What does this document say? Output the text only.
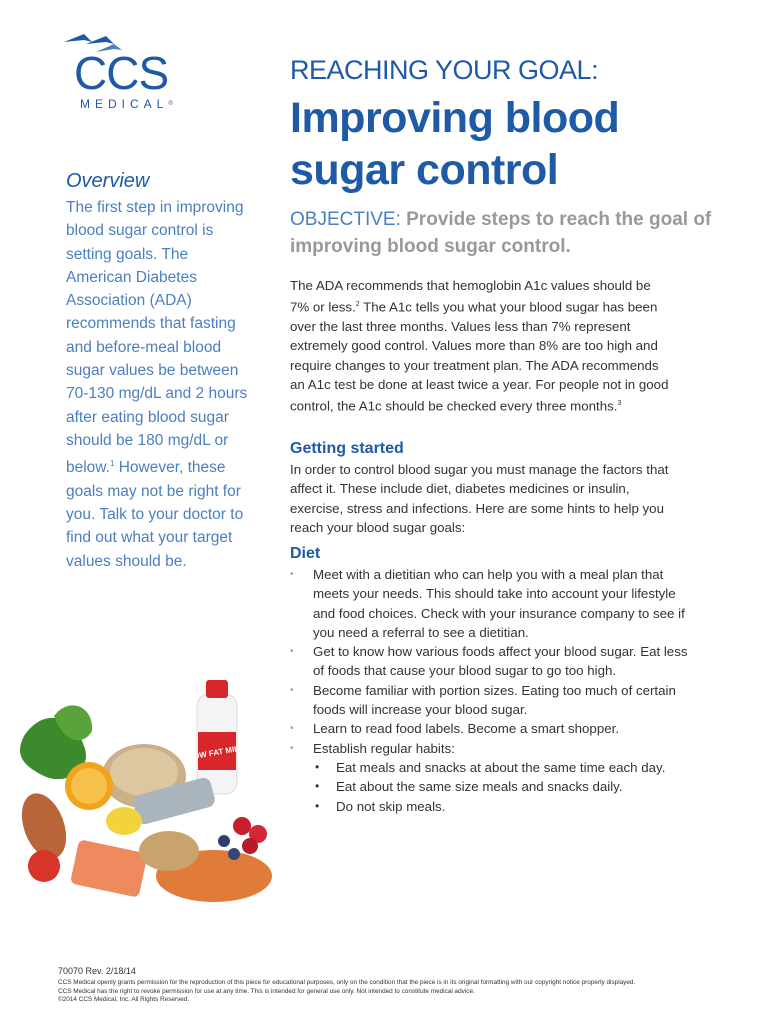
CCS
MEDICAL®
Overview
The first step in improving blood sugar control is setting goals. The American Diabetes Association (ADA) recommends that fasting and before-meal blood sugar values be between 70-130 mg/dL and 2 hours after eating blood sugar should be 180 mg/dL or below.$^1$ However, these goals may not be right for you. Talk to your doctor to find out what your target values should be.
LOW FAT MILK
REACHING YOUR GOAL:
Improving blood sugar control
OBJECTIVE: Provide steps to reach the goal of improving blood sugar control.
The ADA recommends that hemoglobin A1c values should be 7% or less.$^2$ The A1c tells you what your blood sugar has been over the last three months. Values less than 7% represent extremely good control. Values more than 8% are too high and require changes to your treatment plan. The ADA recommends an A1c test be done at least twice a year. For people not in good control, the A1c should be checked every three months.$^3$
Getting started
In order to control blood sugar you must manage the factors that affect it. These include diet, diabetes medicines or insulin, exercise, stress and infections. Here are some hints to help you reach your blood sugar goals:
Diet
• Meet with a dietitian who can help you with a meal plan that meets your needs. This should take into account your lifestyle and food choices. Check with your insurance company to see if you need a referral to see a dietitian.
• Get to know how various foods affect your blood sugar. Eat less of foods that cause your blood sugar to go too high.
• Become familiar with portion sizes. Eating too much of certain foods will increase your blood sugar.
• Learn to read food labels. Become a smart shopper.
• Establish regular habits:
• Eat meals and snacks at about the same time each day.
• Eat about the same size meals and snacks daily.
• Do not skip meals.
70070 Rev. 2/18/14
CCS Medical openly grants permission for the reproduction of this piece for educational purposes, only on the condition that the piece is in its original formatting with our copyright notice properly displayed.
CCS Medical has the right to revoke permission for use at any time. This is intended for general use only. Not intended to constitute medical advice.
©2014 CCS Medical, Inc. All Rights Reserved.
